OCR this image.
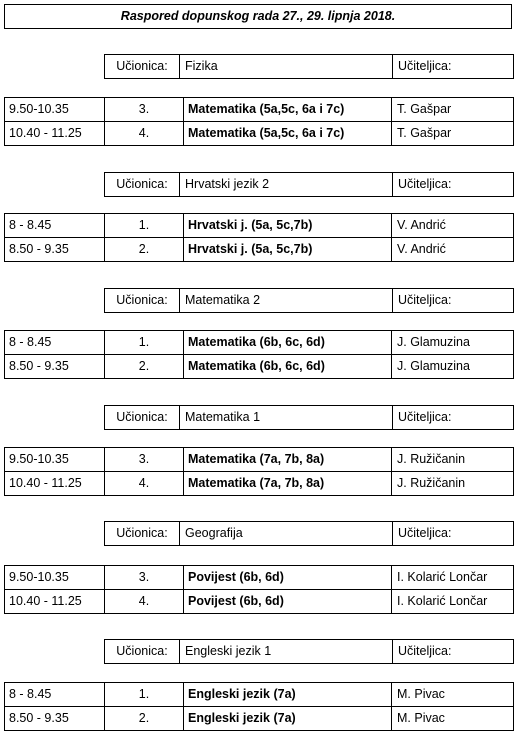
Raspored dopunskog rada 27., 29. lipnja 2018.
Učionica:	Fizika	Učiteljica:
9.50-10.35	3.	Matematika (5a,5c, 6a i 7c)	T. Gašpar
10.40 - 11.25	4.	Matematika (5a,5c, 6a i 7c)	T. Gašpar
Učionica:	Hrvatski jezik 2	Učiteljica:
8 - 8.45	1.	Hrvatski j. (5a, 5c,7b)	V. Andrić
8.50 - 9.35	2.	Hrvatski j. (5a, 5c,7b)	V. Andrić
Učionica:	Matematika 2	Učiteljica:
8 - 8.45	1.	Matematika (6b, 6c, 6d)	J. Glamuzina
8.50 - 9.35	2.	Matematika (6b, 6c, 6d)	J. Glamuzina
Učionica:	Matematika 1	Učiteljica:
9.50-10.35	3.	Matematika (7a, 7b, 8a)	J. Ružičanin
10.40 - 11.25	4.	Matematika (7a, 7b, 8a)	J. Ružičanin
Učionica:	Geografija	Učiteljica:
9.50-10.35	3.	Povijest (6b, 6d)	I. Kolarić Lončar
10.40 - 11.25	4.	Povijest (6b, 6d)	I. Kolarić Lončar
Učionica:	Engleski jezik 1	Učiteljica:
8 - 8.45	1.	Engleski jezik (7a)	M. Pivac
8.50 - 9.35	2.	Engleski jezik (7a)	M. Pivac
